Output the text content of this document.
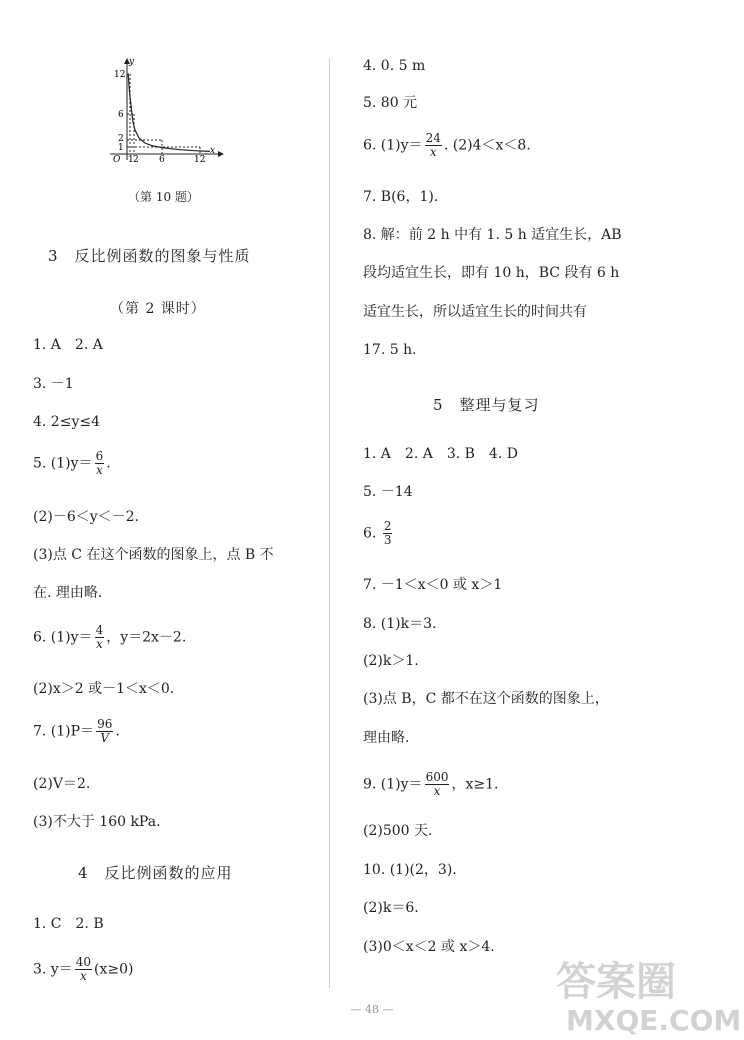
y
x
O
12
6
2
1
1 2 6	12
（第 10 题）
3　反比例函数的图象与性质
（第 2 课时）
1. A　2. A
3. －1
4. 2≤y≤4
5. $(1)y= \frac{6}{x}$ .
(2)－6＜y＜－2.
(3)点 C 在这个函数的图象上，点 B 不
在. 理由略.
6. $(1)y= \frac{4}{x}$ ，y＝2x－2.
(2)x＞2 或－1＜x＜0.
7. $(1)P= \frac{96}{V}$ .
(2)V＝2.
(3)不大于 160 kPa.
4　反比例函数的应用
1. C　2. B
3. $y= \frac{40}{x} (x\ge 0)$
4. 0. 5 m
5. 80 元
6. $(1)y= \frac{24}{x}$ . (2)4＜x＜8.
7. B(6，1).
8. 解：前 2 h 中有 1. 5 h 适宜生长，AB
段均适宜生长，即有 10 h，BC 段有 6 h
适宜生长，所以适宜生长的时间共有
17. 5 h.
5　整理与复习
1. A　2. A　3. B　4. D
5. －14
6. $\frac{2}{3}$
7. －1＜x＜0 或 x＞1
8. (1)k＝3.
(2)k＞1.
(3)点 B，C 都不在这个函数的图象上，
理由略.
9. $(1)y= \frac{600}{x}$ ，x≥1.
(2)500 天.
10. (1)(2，3).
(2)k＝6.
(3)0＜x＜2 或 x＞4.
— 48 —
答案圈
MXQE.COM
